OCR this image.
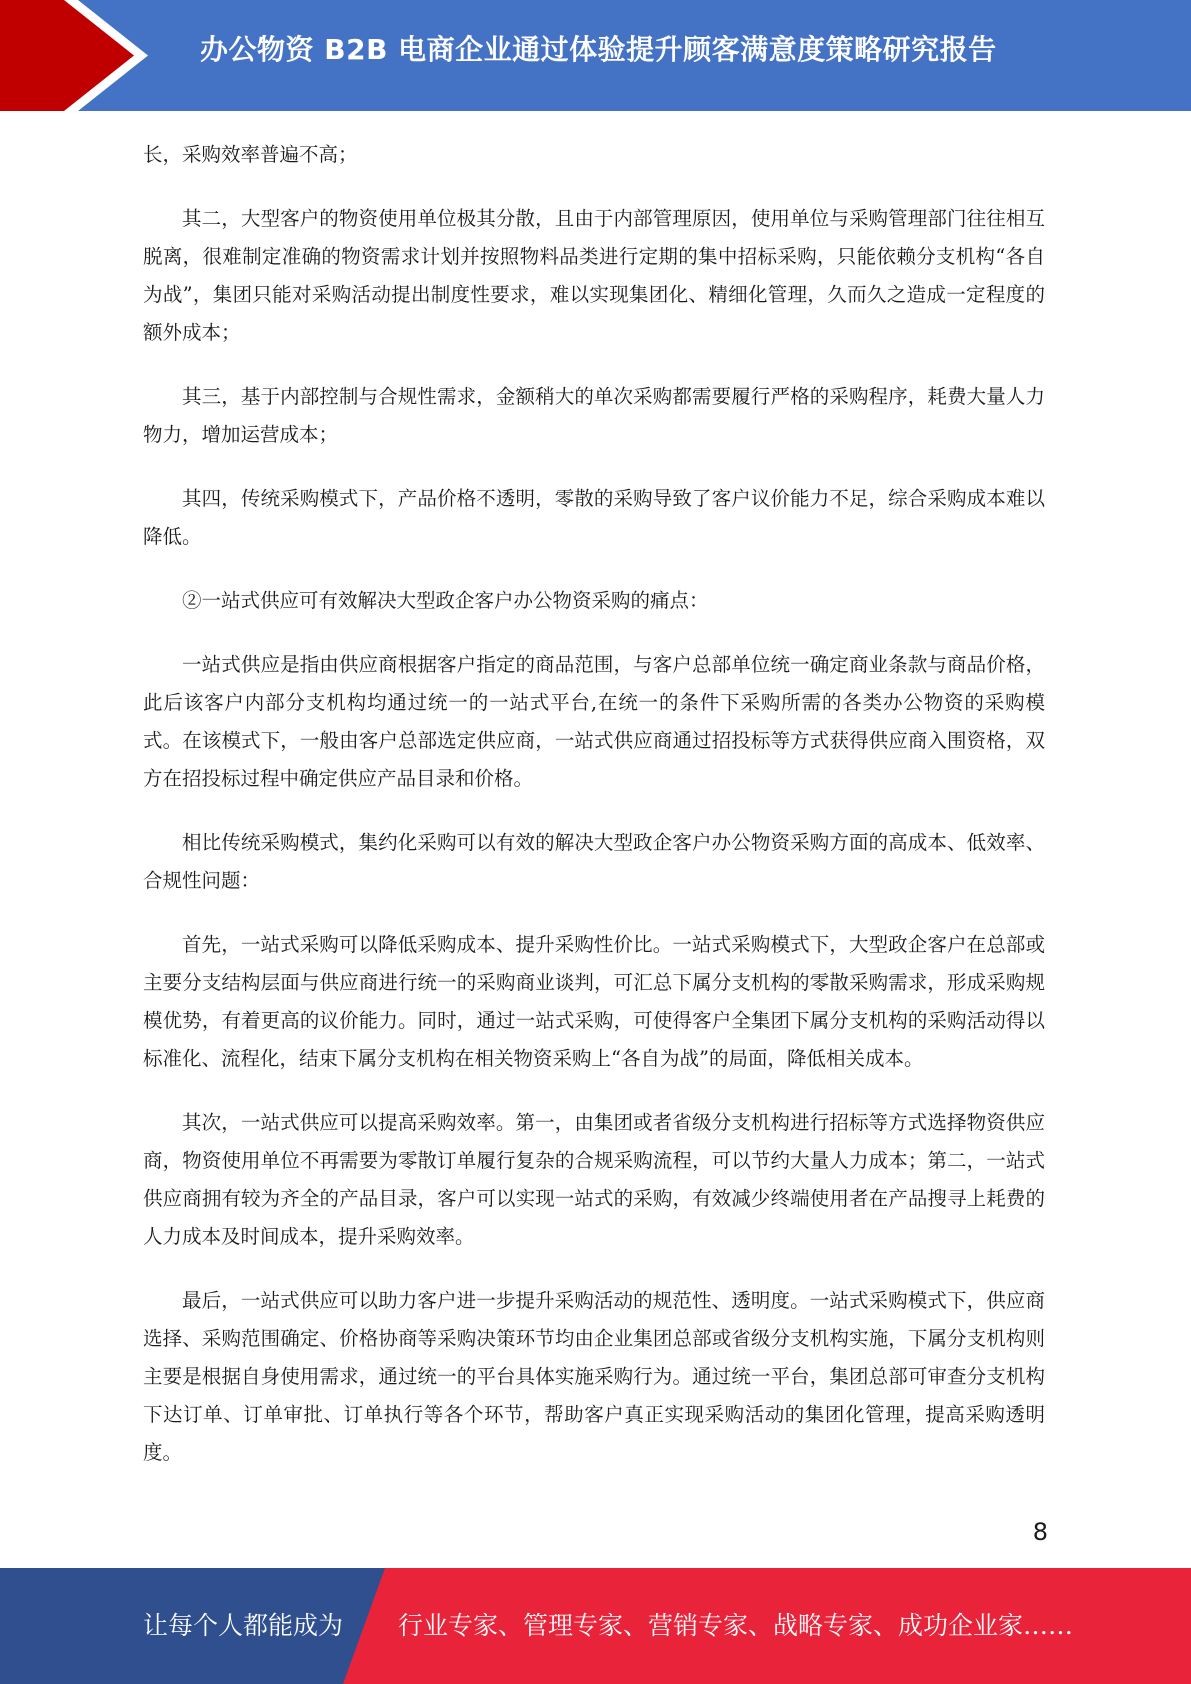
办公物资 B2B 电商企业通过体验提升顾客满意度策略研究报告

长，采购效率普遍不高；

其二，大型客户的物资使用单位极其分散，且由于内部管理原因，使用单位与采购管理部门往往相互脱离，很难制定准确的物资需求计划并按照物料品类进行定期的集中招标采购，只能依赖分支机构“各自为战”，集团只能对采购活动提出制度性要求，难以实现集团化、精细化管理，久而久之造成一定程度的额外成本；

其三，基于内部控制与合规性需求，金额稍大的单次采购都需要履行严格的采购程序，耗费大量人力物力，增加运营成本；

其四，传统采购模式下，产品价格不透明，零散的采购导致了客户议价能力不足，综合采购成本难以降低。

②一站式供应可有效解决大型政企客户办公物资采购的痛点：

一站式供应是指由供应商根据客户指定的商品范围，与客户总部单位统一确定商业条款与商品价格，此后该客户内部分支机构均通过统一的一站式平台,在统一的条件下采购所需的各类办公物资的采购模式。在该模式下，一般由客户总部选定供应商，一站式供应商通过招投标等方式获得供应商入围资格，双方在招投标过程中确定供应产品目录和价格。

相比传统采购模式，集约化采购可以有效的解决大型政企客户办公物资采购方面的高成本、低效率、合规性问题：

首先，一站式采购可以降低采购成本、提升采购性价比。一站式采购模式下，大型政企客户在总部或主要分支结构层面与供应商进行统一的采购商业谈判，可汇总下属分支机构的零散采购需求，形成采购规模优势，有着更高的议价能力。同时，通过一站式采购，可使得客户全集团下属分支机构的采购活动得以标准化、流程化，结束下属分支机构在相关物资采购上“各自为战”的局面，降低相关成本。

其次，一站式供应可以提高采购效率。第一，由集团或者省级分支机构进行招标等方式选择物资供应商，物资使用单位不再需要为零散订单履行复杂的合规采购流程，可以节约大量人力成本；第二，一站式供应商拥有较为齐全的产品目录，客户可以实现一站式的采购，有效减少终端使用者在产品搜寻上耗费的人力成本及时间成本，提升采购效率。

最后，一站式供应可以助力客户进一步提升采购活动的规范性、透明度。一站式采购模式下，供应商选择、采购范围确定、价格协商等采购决策环节均由企业集团总部或省级分支机构实施，下属分支机构则主要是根据自身使用需求，通过统一的平台具体实施采购行为。通过统一平台，集团总部可审查分支机构下达订单、订单审批、订单执行等各个环节，帮助客户真正实现采购活动的集团化管理，提高采购透明度。

8
让每个人都能成为 行业专家、管理专家、营销专家、战略专家、成功企业家……
